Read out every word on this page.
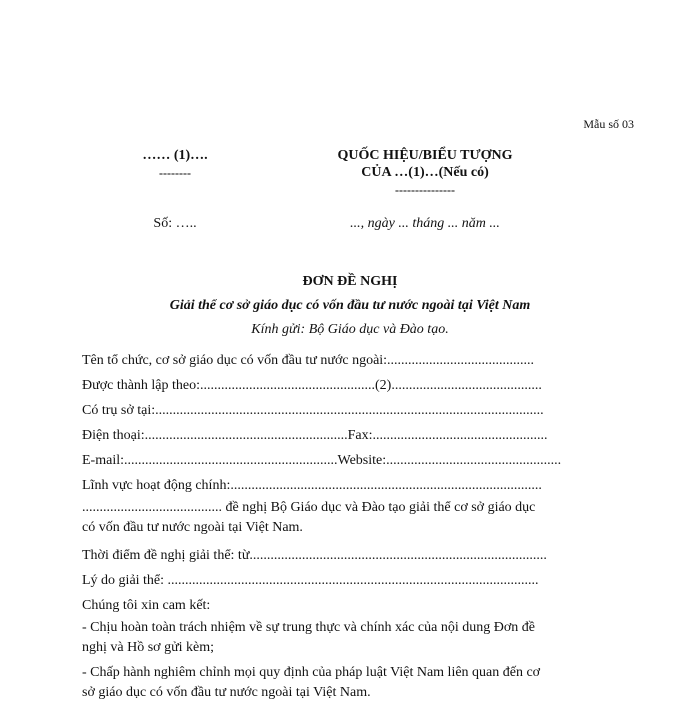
Mẫu số 03
…… (1)….
--------
QUỐC HIỆU/BIỂU TƯỢNG
CỦA …(1)…(Nếu có)
---------------
Số: …..	..., ngày ... tháng ... năm ...
ĐƠN ĐỀ NGHỊ
Giải thể cơ sở giáo dục có vốn đầu tư nước ngoài tại Việt Nam
Kính gửi: Bộ Giáo dục và Đào tạo.
Tên tổ chức, cơ sở giáo dục có vốn đầu tư nước ngoài:..........................................
Được thành lập theo:..................................................(2)...........................................
Có trụ sở tại:...............................................................................................................
Điện thoại:..........................................................Fax:..................................................
E-mail:.............................................................Website:..................................................
Lĩnh vực hoạt động chính:.........................................................................................
........................................ đề nghị Bộ Giáo dục và Đào tạo giải thể cơ sở giáo dục có vốn đầu tư nước ngoài tại Việt Nam.
Thời điểm đề nghị giải thể: từ.....................................................................................
Lý do giải thể: ..........................................................................................................
Chúng tôi xin cam kết:
- Chịu hoàn toàn trách nhiệm về sự trung thực và chính xác của nội dung Đơn đề nghị và Hồ sơ gửi kèm;
- Chấp hành nghiêm chỉnh mọi quy định của pháp luật Việt Nam liên quan đến cơ sở giáo dục có vốn đầu tư nước ngoài tại Việt Nam.
